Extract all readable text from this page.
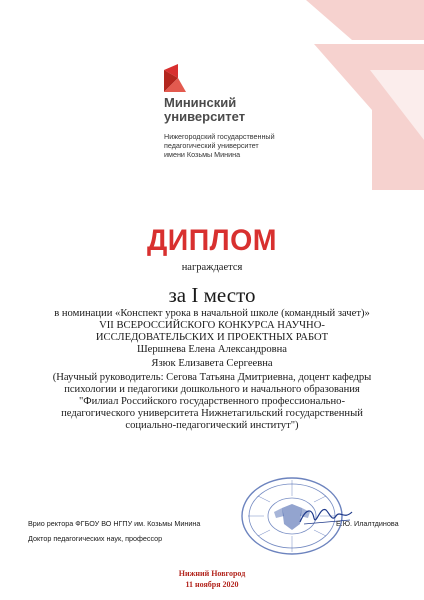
Мининский
университет
Нижегородский государственный
педагогический университет
имени Козьмы Минина
ДИПЛОМ
награждается
за I место
в номинации «Конспект урока в начальной школе (командный зачет)»
VII ВСЕРОССИЙСКОГО КОНКУРСА НАУЧНО-
ИССЛЕДОВАТЕЛЬСКИХ И ПРОЕКТНЫХ РАБОТ
Шершнева Елена Александровна
Язюк Елизавета Сергеевна
(Научный руководитель: Сегова Татьяна Дмитриевна, доцент кафедры
психологии и педагогики дошкольного и начального образования
"Филиал Российского государственного профессионально-
педагогического университета Нижнетагильский государственный
социально-педагогический институт")
Врио ректора ФГБОУ ВО НГПУ им. Козьмы Минина
Доктор педагогических наук, профессор
Е.Ю. Илалтдинова
Нижний Новгород
11 ноября 2020
